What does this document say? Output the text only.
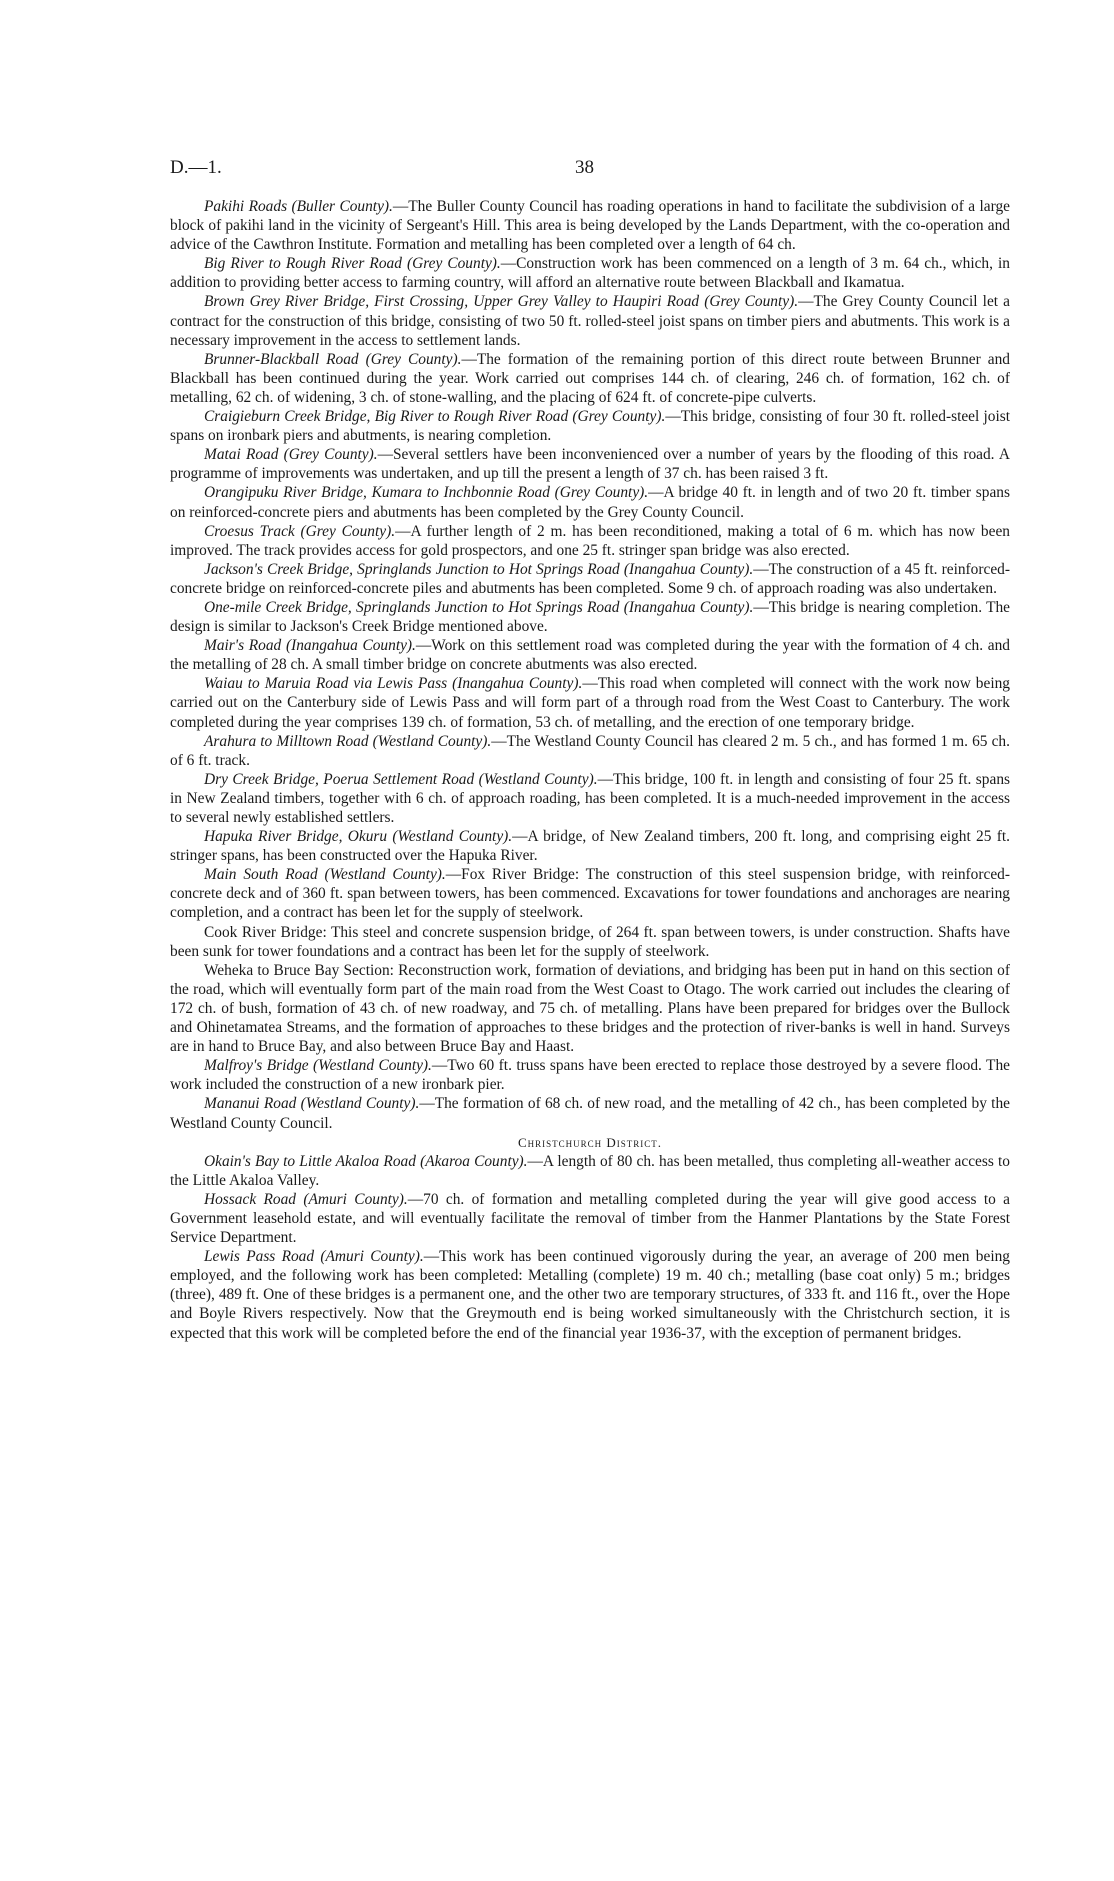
D.—1.	38

Pakihi Roads (Buller County).—The Buller County Council has roading operations in hand to facilitate the subdivision of a large block of pakihi land in the vicinity of Sergeant's Hill. This area is being developed by the Lands Department, with the co-operation and advice of the Cawthron Institute. Formation and metalling has been completed over a length of 64 ch.

Big River to Rough River Road (Grey County).—Construction work has been commenced on a length of 3 m. 64 ch., which, in addition to providing better access to farming country, will afford an alternative route between Blackball and Ikamatua.

Brown Grey River Bridge, First Crossing, Upper Grey Valley to Haupiri Road (Grey County).—The Grey County Council let a contract for the construction of this bridge, consisting of two 50 ft. rolled-steel joist spans on timber piers and abutments. This work is a necessary improvement in the access to settlement lands.

Brunner-Blackball Road (Grey County).—The formation of the remaining portion of this direct route between Brunner and Blackball has been continued during the year. Work carried out comprises 144 ch. of clearing, 246 ch. of formation, 162 ch. of metalling, 62 ch. of widening, 3 ch. of stone-walling, and the placing of 624 ft. of concrete-pipe culverts.

Craigieburn Creek Bridge, Big River to Rough River Road (Grey County).—This bridge, consisting of four 30 ft. rolled-steel joist spans on ironbark piers and abutments, is nearing completion.

Matai Road (Grey County).—Several settlers have been inconvenienced over a number of years by the flooding of this road. A programme of improvements was undertaken, and up till the present a length of 37 ch. has been raised 3 ft.

Orangipuku River Bridge, Kumara to Inchbonnie Road (Grey County).—A bridge 40 ft. in length and of two 20 ft. timber spans on reinforced-concrete piers and abutments has been completed by the Grey County Council.

Croesus Track (Grey County).—A further length of 2 m. has been reconditioned, making a total of 6 m. which has now been improved. The track provides access for gold prospectors, and one 25 ft. stringer span bridge was also erected.

Jackson's Creek Bridge, Springlands Junction to Hot Springs Road (Inangahua County).—The construction of a 45 ft. reinforced-concrete bridge on reinforced-concrete piles and abutments has been completed. Some 9 ch. of approach roading was also undertaken.

One-mile Creek Bridge, Springlands Junction to Hot Springs Road (Inangahua County).—This bridge is nearing completion. The design is similar to Jackson's Creek Bridge mentioned above.

Mair's Road (Inangahua County).—Work on this settlement road was completed during the year with the formation of 4 ch. and the metalling of 28 ch. A small timber bridge on concrete abutments was also erected.

Waiau to Maruia Road via Lewis Pass (Inangahua County).—This road when completed will connect with the work now being carried out on the Canterbury side of Lewis Pass and will form part of a through road from the West Coast to Canterbury. The work completed during the year comprises 139 ch. of formation, 53 ch. of metalling, and the erection of one temporary bridge.

Arahura to Milltown Road (Westland County).—The Westland County Council has cleared 2 m. 5 ch., and has formed 1 m. 65 ch. of 6 ft. track.

Dry Creek Bridge, Poerua Settlement Road (Westland County).—This bridge, 100 ft. in length and consisting of four 25 ft. spans in New Zealand timbers, together with 6 ch. of approach roading, has been completed. It is a much-needed improvement in the access to several newly established settlers.

Hapuka River Bridge, Okuru (Westland County).—A bridge, of New Zealand timbers, 200 ft. long, and comprising eight 25 ft. stringer spans, has been constructed over the Hapuka River.

Main South Road (Westland County).—Fox River Bridge: The construction of this steel suspension bridge, with reinforced-concrete deck and of 360 ft. span between towers, has been commenced. Excavations for tower foundations and anchorages are nearing completion, and a contract has been let for the supply of steelwork.

Cook River Bridge: This steel and concrete suspension bridge, of 264 ft. span between towers, is under construction. Shafts have been sunk for tower foundations and a contract has been let for the supply of steelwork.

Weheka to Bruce Bay Section: Reconstruction work, formation of deviations, and bridging has been put in hand on this section of the road, which will eventually form part of the main road from the West Coast to Otago. The work carried out includes the clearing of 172 ch. of bush, formation of 43 ch. of new roadway, and 75 ch. of metalling. Plans have been prepared for bridges over the Bullock and Ohinetamatea Streams, and the formation of approaches to these bridges and the protection of river-banks is well in hand. Surveys are in hand to Bruce Bay, and also between Bruce Bay and Haast.

Malfroy's Bridge (Westland County).—Two 60 ft. truss spans have been erected to replace those destroyed by a severe flood. The work included the construction of a new ironbark pier.

Mananui Road (Westland County).—The formation of 68 ch. of new road, and the metalling of 42 ch., has been completed by the Westland County Council.

Christchurch District.

Okain's Bay to Little Akaloa Road (Akaroa County).—A length of 80 ch. has been metalled, thus completing all-weather access to the Little Akaloa Valley.

Hossack Road (Amuri County).—70 ch. of formation and metalling completed during the year will give good access to a Government leasehold estate, and will eventually facilitate the removal of timber from the Hanmer Plantations by the State Forest Service Department.

Lewis Pass Road (Amuri County).—This work has been continued vigorously during the year, an average of 200 men being employed, and the following work has been completed: Metalling (complete) 19 m. 40 ch.; metalling (base coat only) 5 m.; bridges (three), 489 ft. One of these bridges is a permanent one, and the other two are temporary structures, of 333 ft. and 116 ft., over the Hope and Boyle Rivers respectively. Now that the Greymouth end is being worked simultaneously with the Christchurch section, it is expected that this work will be completed before the end of the financial year 1936-37, with the exception of permanent bridges.
